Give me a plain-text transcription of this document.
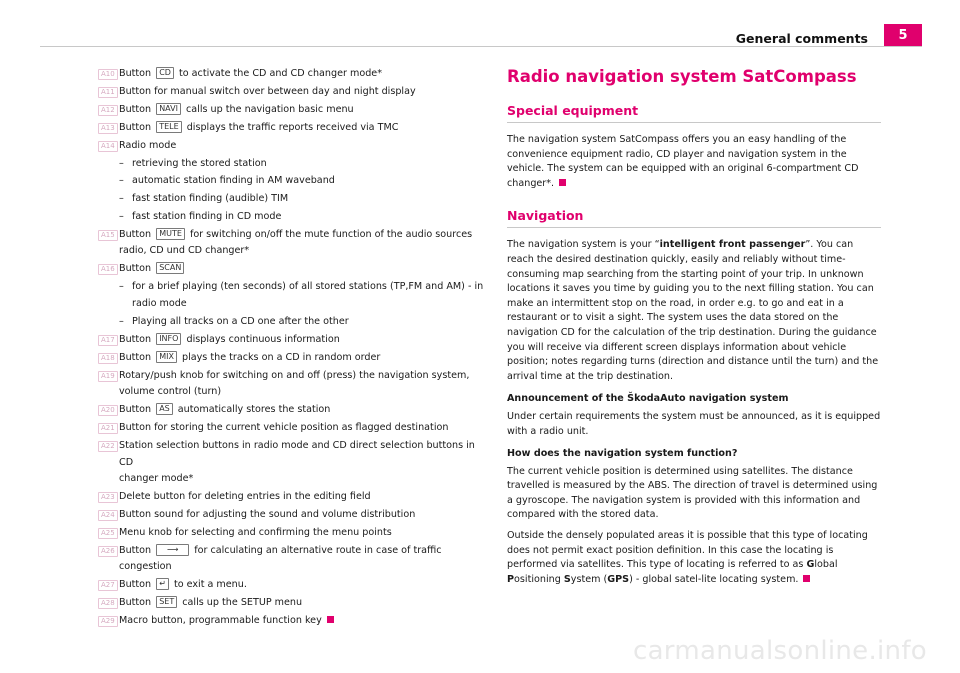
General comments	5
A10 Button CD to activate the CD and CD changer mode*
A11 Button for manual switch over between day and night display
A12 Button NAVI calls up the navigation basic menu
A13 Button TELE displays the traffic reports received via TMC
A14 Radio mode
– retrieving the stored station
– automatic station finding in AM waveband
– fast station finding (audible) TIM
– fast station finding in CD mode
A15 Button MUTE for switching on/off the mute function of the audio sources
radio, CD und CD changer*
A16 Button SCAN
– for a brief playing (ten seconds) of all stored stations (TP,FM and AM) - in
radio mode
– Playing all tracks on a CD one after the other
A17 Button INFO displays continuous information
A18 Button MIX plays the tracks on a CD in random order
A19 Rotary/push knob for switching on and off (press) the navigation system,
volume control (turn)
A20 Button AS automatically stores the station
A21 Button for storing the current vehicle position as flagged destination
A22 Station selection buttons in radio mode and CD direct selection buttons in CD
changer mode*
A23 Delete button for deleting entries in the editing field
A24 Button sound for adjusting the sound and volume distribution
A25 Menu knob for selecting and confirming the menu points
A26 Button ⟶ for calculating an alternative route in case of traffic congestion
A27 Button ↵ to exit a menu.
A28 Button SET calls up the SETUP menu
A29 Macro button, programmable function key
Radio navigation system SatCompass
Special equipment

The navigation system SatCompass offers you an easy handling of the convenience equipment radio, CD player and navigation system in the vehicle. The system can be equipped with an original 6-compartment CD changer*.

Navigation

The navigation system is your “intelligent front passenger”. You can reach the desired destination quickly, easily and reliably without time-consuming map searching from the starting point of your trip. In unknown locations it saves you time by guiding you to the next filling station. You can make an intermittent stop on the road, in order e.g. to go and eat in a restaurant or to visit a sight. The system uses the data stored on the navigation CD for the calculation of the trip destination. During the guidance you will receive via different screen displays information about vehicle position; notes regarding turns (direction and distance until the turn) and the arrival time at the trip destination.

Announcement of the ŠkodaAuto navigation system

Under certain requirements the system must be announced, as it is equipped with a radio unit.

How does the navigation system function?

The current vehicle position is determined using satellites. The distance travelled is measured by the ABS. The direction of travel is determined using a gyroscope. The navigation system is provided with this information and compared with the stored data.

Outside the densely populated areas it is possible that this type of locating does not permit exact position definition. In this case the locating is performed via satellites. This type of locating is referred to as Global Positioning System (GPS) - global satel-lite locating system.

carmanualsonline.info
